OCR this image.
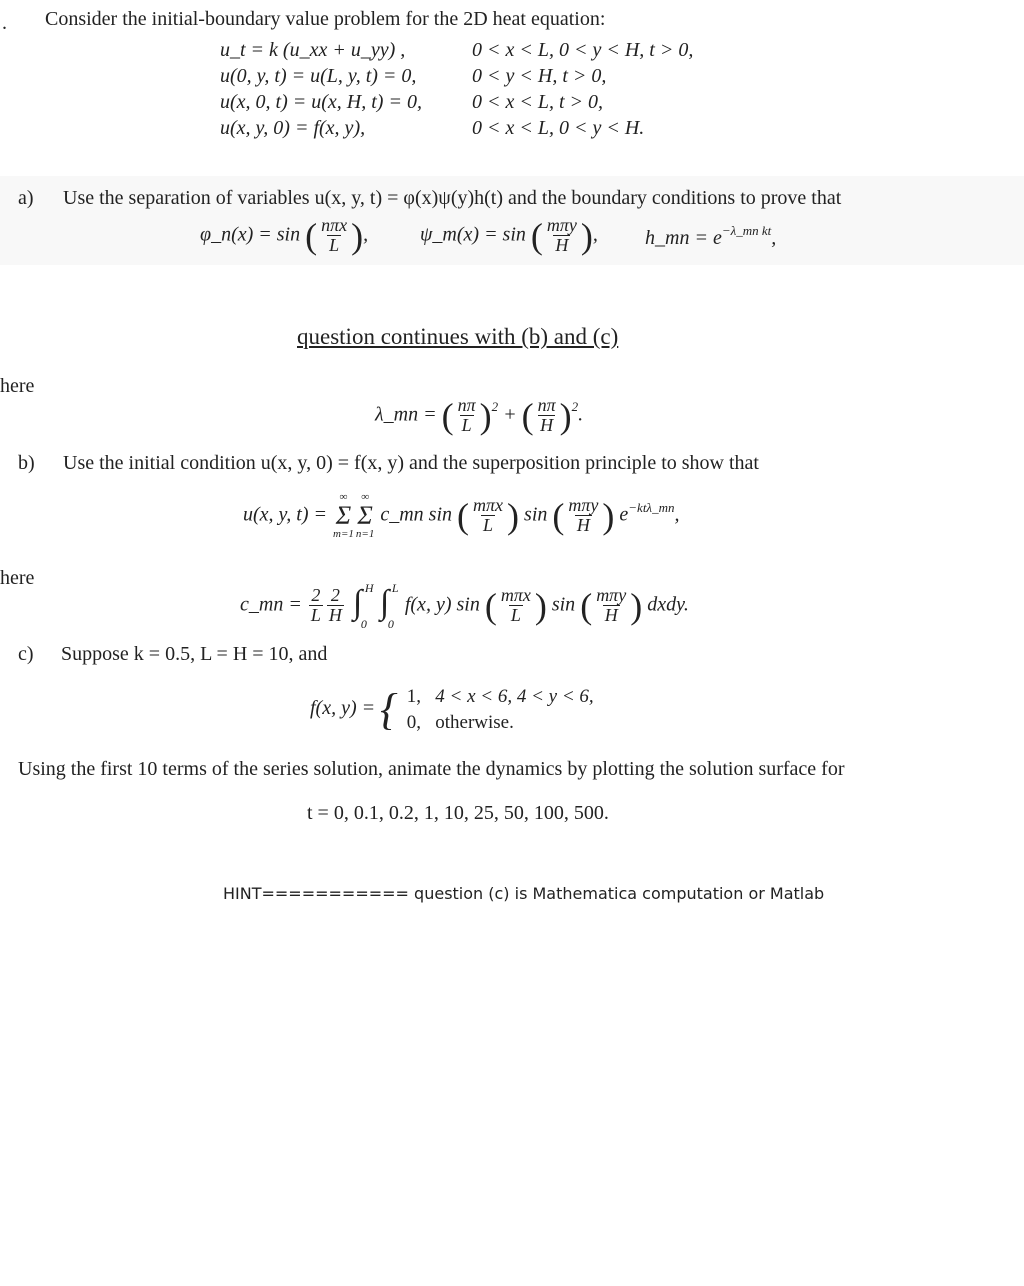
. Consider the initial-boundary value problem for the 2D heat equation:
u_t = k (u_xx + u_yy) ,	0 < x < L, 0 < y < H, t > 0,
u(0, y, t) = u(L, y, t) = 0,	0 < y < H, t > 0,
u(x, 0, t) = u(x, H, t) = 0,	0 < x < L, t > 0,
u(x, y, 0) = f(x, y),	0 < x < L, 0 < y < H.
a) Use the separation of variables u(x, y, t) = φ(x)ψ(y)h(t) and the boundary conditions to prove that
φ_n(x) = sin ( $\frac{\text{nπx}}{L}$ ),	ψ_m(x) = sin ( $\frac{\text{mπy}}{H}$ ), h_mn = $e^{-\lambda\_mn kt}$,
question continues with (b) and (c)
here
λ_mn = ( $\frac{n\pi}{L} )^2$ + ( $\frac{n\pi}{H} )^2$.
b) Use the initial condition u(x, y, 0) = f(x, y) and the superposition principle to show that
u(x, y, t) =
∞
Σ
m=1
∞
Σ
n=1
c_mn sin ( $\frac{\text{mπx}}{L}$ ) sin ( $\frac{\text{mπy}}{H}$ ) $e^{-kt\lambda\_mn}$,
here
c_mn = $\frac{2}{L} \frac{2}{H}$
∫ H
0

∫ L
0
f(x, y) sin ( $\frac{\text{mπx}}{L}$ ) sin ( $\frac{\text{mπy}}{H}$ ) dxdy.
c) Suppose k = 0.5, L = H = 10, and
f(x, y) = { 1, 4 < x < 6, 4 < y < 6,
0, otherwise.
Using the first 10 terms of the series solution, animate the dynamics by plotting the solution surface for
t = 0, 0.1, 0.2, 1, 10, 25, 50, 100, 500.
HINT=========== question (c) is Mathematica computation or Matlab
